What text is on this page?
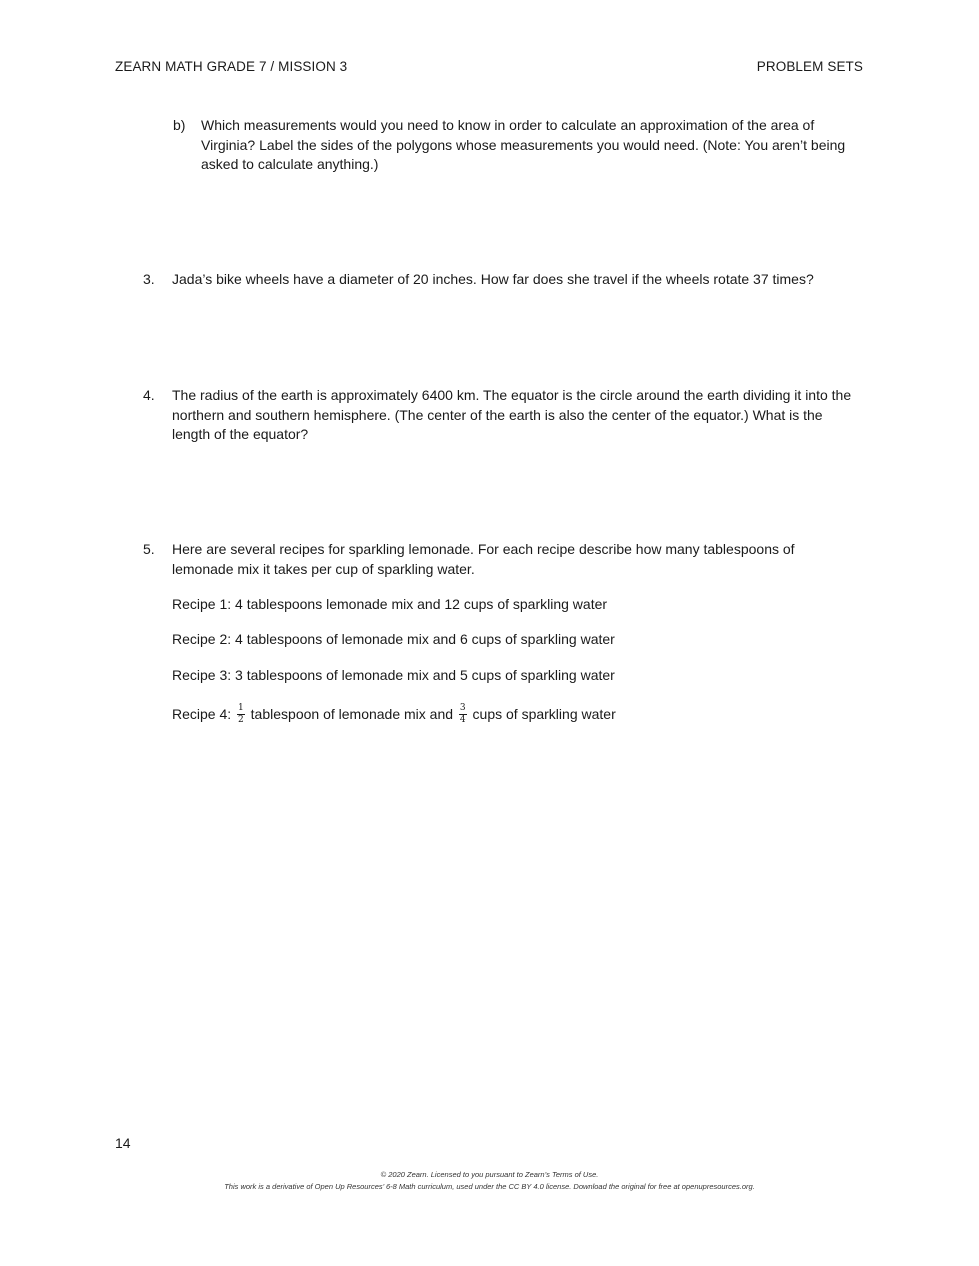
ZEARN MATH GRADE 7 / MISSION 3	PROBLEM SETS
b) Which measurements would you need to know in order to calculate an approximation of the area of Virginia? Label the sides of the polygons whose measurements you would need. (Note: You aren’t being asked to calculate anything.)
3. Jada’s bike wheels have a diameter of 20 inches. How far does she travel if the wheels rotate 37 times?
4. The radius of the earth is approximately 6400 km. The equator is the circle around the earth dividing it into the northern and southern hemisphere. (The center of the earth is also the center of the equator.) What is the length of the equator?
5. Here are several recipes for sparkling lemonade. For each recipe describe how many tablespoons of lemonade mix it takes per cup of sparkling water.
Recipe 1: 4 tablespoons lemonade mix and 12 cups of sparkling water
Recipe 2: 4 tablespoons of lemonade mix and 6 cups of sparkling water
Recipe 3: 3 tablespoons of lemonade mix and 5 cups of sparkling water
Recipe 4: $\frac{1}{2}$ tablespoon of lemonade mix and $\frac{3}{4}$ cups of sparkling water
14
© 2020 Zearn. Licensed to you pursuant to Zearn’s Terms of Use.
This work is a derivative of Open Up Resources’ 6-8 Math curriculum, used under the CC BY 4.0 license. Download the original for free at openupresources.org.
